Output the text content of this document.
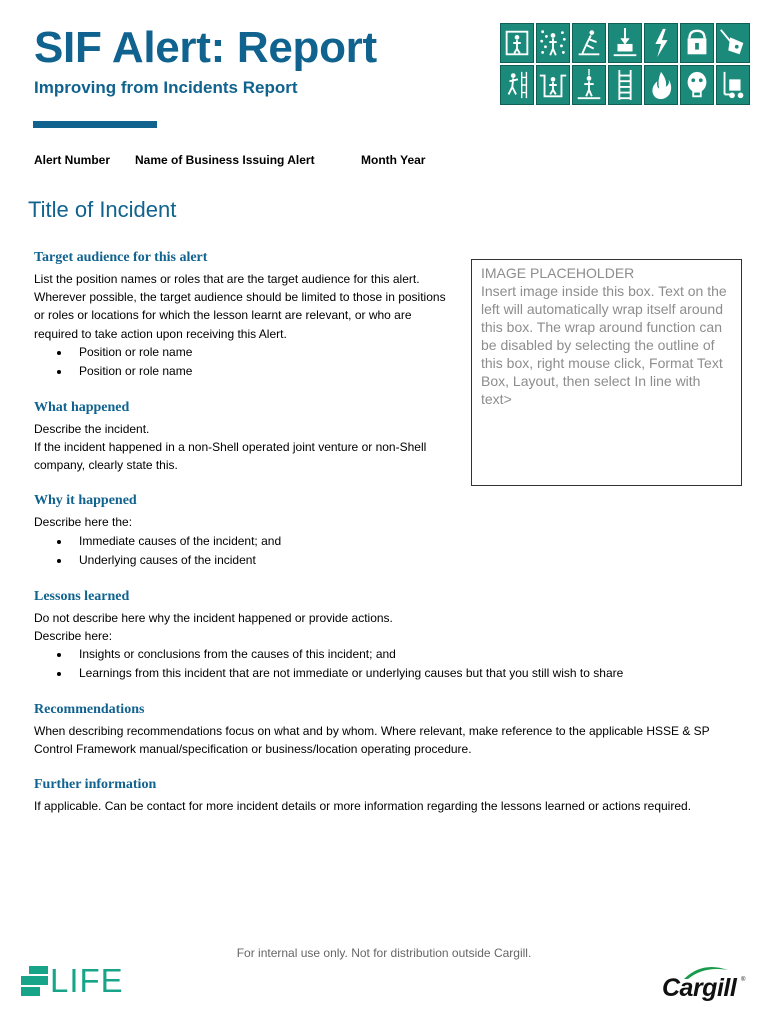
SIF Alert: Report
Improving from Incidents Report
Alert Number	Name of Business Issuing Alert	Month Year
Title of Incident
IMAGE PLACEHOLDER
Insert image inside this box. Text on the left will automatically wrap itself around this box. The wrap around function can be disabled by selecting the outline of this box, right mouse click, Format Text Box, Layout, then select In line with text>
Target audience for this alert

List the position names or roles that are the target audience for this alert. Wherever possible, the target audience should be limited to those in positions or roles or locations for which the lesson learnt are relevant, or who are required to take action upon receiving this Alert.

Position or role name
Position or role name
What happened

Describe the incident.

If the incident happened in a non-Shell operated joint venture or non-Shell company, clearly state this.

Why it happened

Describe here the:

Immediate causes of the incident; and
Underlying causes of the incident
Lessons learned

Do not describe here why the incident happened or provide actions.

Describe here:

Insights or conclusions from the causes of this incident; and
Learnings from this incident that are not immediate or underlying causes but that you still wish to share
Recommendations

When describing recommendations focus on what and by whom. Where relevant, make reference to the applicable HSSE & SP Control Framework manual/specification or business/location operating procedure.

Further information

If applicable. Can be contact for more incident details or more information regarding the lessons learned or actions required.

For internal use only. Not for distribution outside Cargill.
LIFE	Cargill ®
